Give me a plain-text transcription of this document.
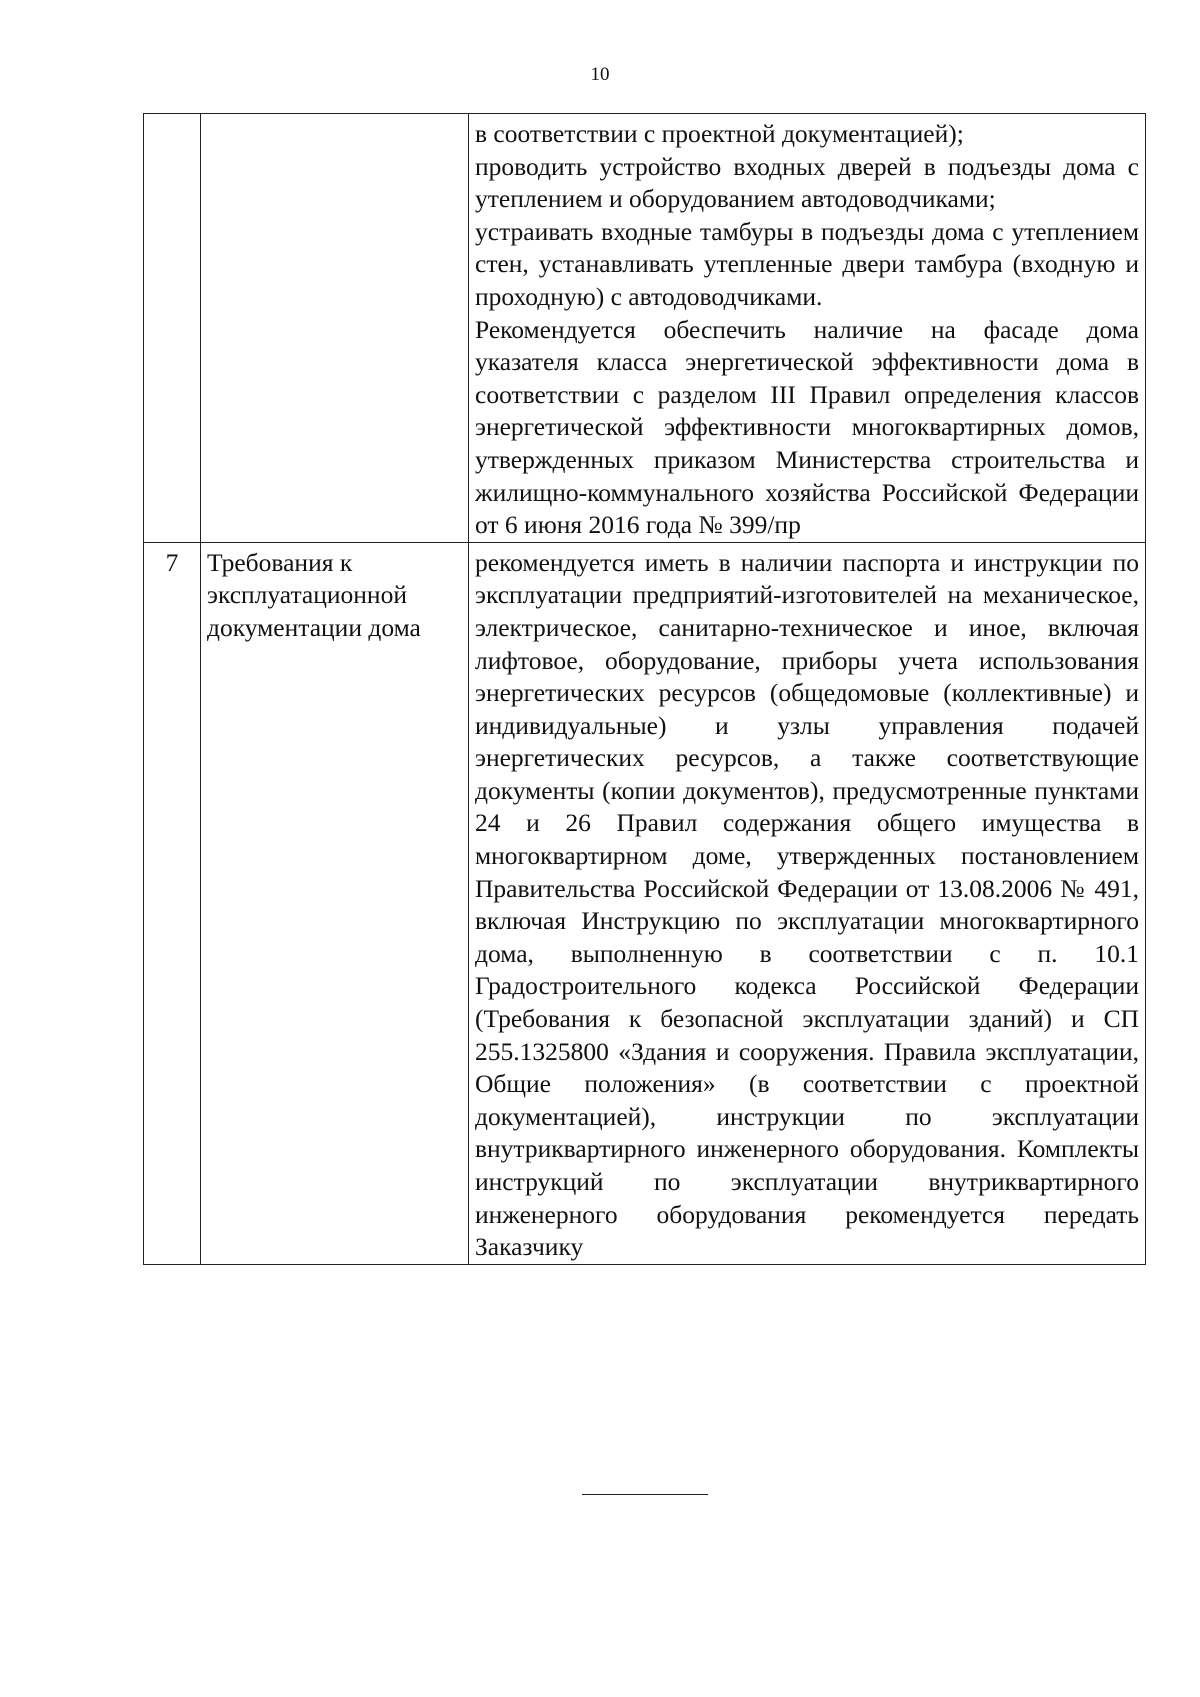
10

		в соответствии с проектной документацией);
проводить устройство входных дверей в подъезды дома с утеплением и оборудованием автодоводчиками;
устраивать входные тамбуры в подъезды дома с утеплением стен, устанавливать утепленные двери тамбура (входную и проходную) с автодоводчиками.
Рекомендуется обеспечить наличие на фасаде дома указателя класса энергетической эффективности дома в соответствии с разделом III Правил определения классов энергетической эффективности многоквартирных домов, утвержденных приказом Министерства строительства и жилищно-коммунального хозяйства Российской Федерации от 6 июня 2016 года № 399/пр

7	Требования к эксплуатационной документации дома	рекомендуется иметь в наличии паспорта и инструкции по эксплуатации предприятий-изготовителей на механическое, электрическое, санитарно-техническое и иное, включая лифтовое, оборудование, приборы учета использования энергетических ресурсов (общедомовые (коллективные) и индивидуальные) и узлы управления подачей энергетических ресурсов, а также соответствующие документы (копии документов), предусмотренные пунктами 24 и 26 Правил содержания общего имущества в многоквартирном доме, утвержденных постановлением Правительства Российской Федерации от 13.08.2006 № 491, включая Инструкцию по эксплуатации многоквартирного дома, выполненную в соответствии с п. 10.1 Градостроительного кодекса Российской Федерации (Требования к безопасной эксплуатации зданий) и СП 255.1325800 «Здания и сооружения. Правила эксплуатации, Общие положения» (в соответствии с проектной документацией), инструкции по эксплуатации внутриквартирного инженерного оборудования. Комплекты инструкций по эксплуатации внутриквартирного инженерного оборудования рекомендуется передать Заказчику
